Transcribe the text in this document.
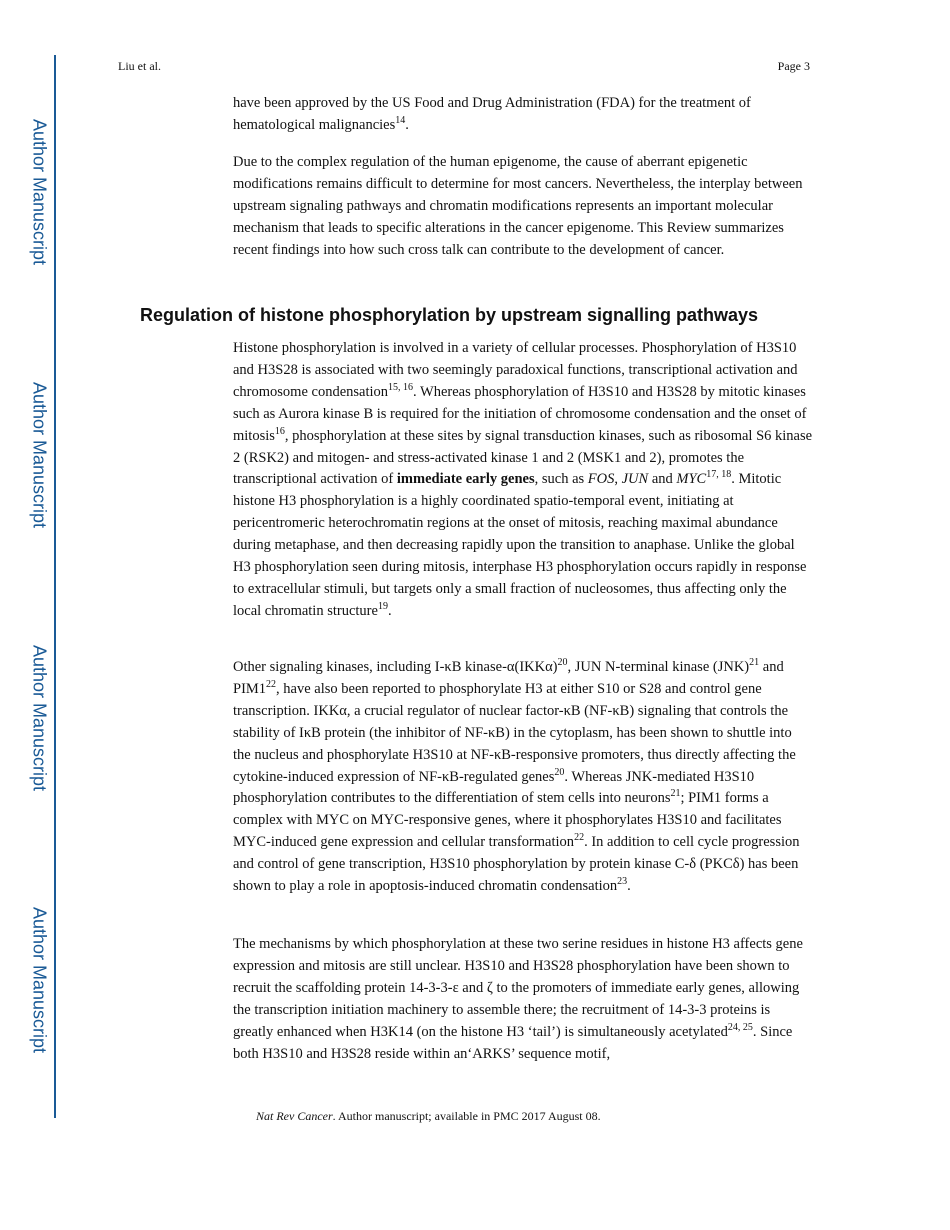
Author Manuscript
Author Manuscript
Author Manuscript
Author Manuscript
Liu et al.	Page 3

have been approved by the US Food and Drug Administration (FDA) for the treatment of hematological malignancies$^{14}$.

Due to the complex regulation of the human epigenome, the cause of aberrant epigenetic modifications remains difficult to determine for most cancers. Nevertheless, the interplay between upstream signaling pathways and chromatin modifications represents an important molecular mechanism that leads to specific alterations in the cancer epigenome. This Review summarizes recent findings into how such cross talk can contribute to the development of cancer.

Regulation of histone phosphorylation by upstream signalling pathways

Histone phosphorylation is involved in a variety of cellular processes. Phosphorylation of H3S10 and H3S28 is associated with two seemingly paradoxical functions, transcriptional activation and chromosome condensation$^{15, 16}$. Whereas phosphorylation of H3S10 and H3S28 by mitotic kinases such as Aurora kinase B is required for the initiation of chromosome condensation and the onset of mitosis$^{16}$, phosphorylation at these sites by signal transduction kinases, such as ribosomal S6 kinase 2 (RSK2) and mitogen- and stress-activated kinase 1 and 2 (MSK1 and 2), promotes the transcriptional activation of immediate early genes, such as FOS, JUN and MYC$^{17, 18}$. Mitotic histone H3 phosphorylation is a highly coordinated spatio-temporal event, initiating at pericentromeric heterochromatin regions at the onset of mitosis, reaching maximal abundance during metaphase, and then decreasing rapidly upon the transition to anaphase. Unlike the global H3 phosphorylation seen during mitosis, interphase H3 phosphorylation occurs rapidly in response to extracellular stimuli, but targets only a small fraction of nucleosomes, thus affecting only the local chromatin structure$^{19}$.

Other signaling kinases, including I-κB kinase-$\alpha(IKK\alpha)^{20}$, JUN N-terminal kinase (JNK)$^{21}$ and $PIM1^{22}$, have also been reported to phosphorylate H3 at either S10 or S28 and control gene transcription. IKKα, a crucial regulator of nuclear factor-κB (NF-κB) signaling that controls the stability of IκB protein (the inhibitor of NF-κB) in the cytoplasm, has been shown to shuttle into the nucleus and phosphorylate H3S10 at NF-κB-responsive promoters, thus directly affecting the cytokine-induced expression of NF-κB-regulated genes$^{20}$. Whereas JNK-mediated H3S10 phosphorylation contributes to the differentiation of stem cells into neurons$^{21}$; PIM1 forms a complex with MYC on MYC-responsive genes, where it phosphorylates H3S10 and facilitates MYC-induced gene expression and cellular transformation$^{22}$. In addition to cell cycle progression and control of gene transcription, H3S10 phosphorylation by protein kinase C-δ (PKCδ) has been shown to play a role in apoptosis-induced chromatin condensation$^{23}$.

The mechanisms by which phosphorylation at these two serine residues in histone H3 affects gene expression and mitosis are still unclear. H3S10 and H3S28 phosphorylation have been shown to recruit the scaffolding protein 14-3-3-ε and ζ to the promoters of immediate early genes, allowing the transcription initiation machinery to assemble there; the recruitment of 14-3-3 proteins is greatly enhanced when H3K14 (on the histone H3 ‘tail’) is simultaneously acetylated$^{24, 25}$. Since both H3S10 and H3S28 reside within an‘ARKS’ sequence motif,

Nat Rev Cancer. Author manuscript; available in PMC 2017 August 08.
